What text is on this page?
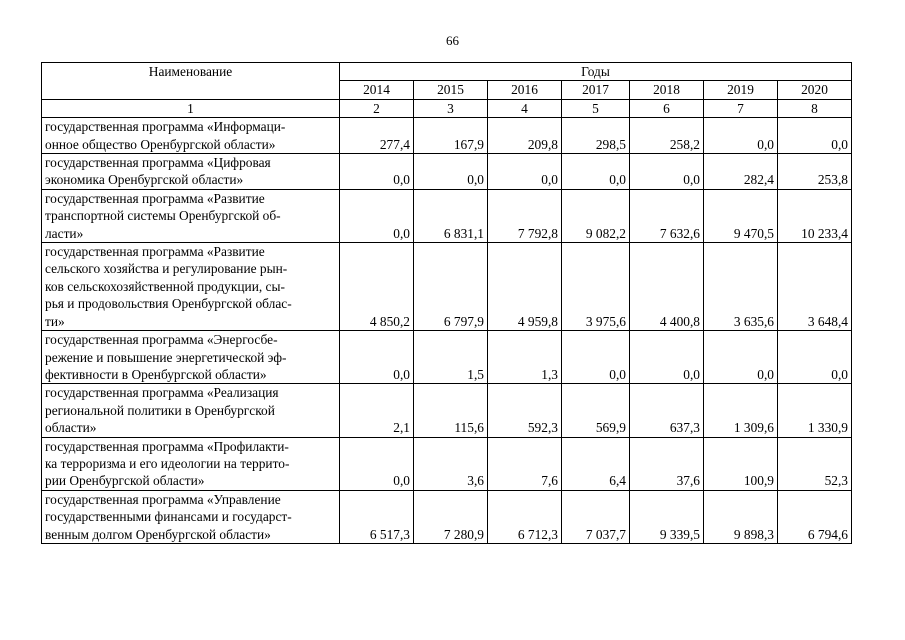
66
Наименование	Годы						
	2014	2015	2016	2017	2018	2019	2020
1	2	3	4	5	6	7	8

государственная программа «Информаци-
онное общество Оренбургской области»	277,4	167,9	209,8	298,5	258,2	0,0	0,0

государственная программа «Цифровая
экономика Оренбургской области»	0,0	0,0	0,0	0,0	0,0	282,4	253,8

государственная программа «Развитие
транспортной системы Оренбургской об-
ласти»	0,0	6 831,1	7 792,8	9 082,2	7 632,6	9 470,5	10 233,4

государственная программа «Развитие
сельского хозяйства и регулирование рын-
ков сельскохозяйственной продукции, сы-
рья и продовольствия Оренбургской облас-
ти»	4 850,2	6 797,9	4 959,8	3 975,6	4 400,8	3 635,6	3 648,4

государственная программа «Энергосбе-
режение и повышение энергетической эф-
фективности в Оренбургской области»	0,0	1,5	1,3	0,0	0,0	0,0	0,0

государственная программа «Реализация
региональной политики в Оренбургской
области»	2,1	115,6	592,3	569,9	637,3	1 309,6	1 330,9

государственная программа «Профилакти-
ка терроризма и его идеологии на террито-
рии Оренбургской области»	0,0	3,6	7,6	6,4	37,6	100,9	52,3

государственная программа «Управление
государственными финансами и государст-
венным долгом Оренбургской области»	6 517,3	7 280,9	6 712,3	7 037,7	9 339,5	9 898,3	6 794,6
